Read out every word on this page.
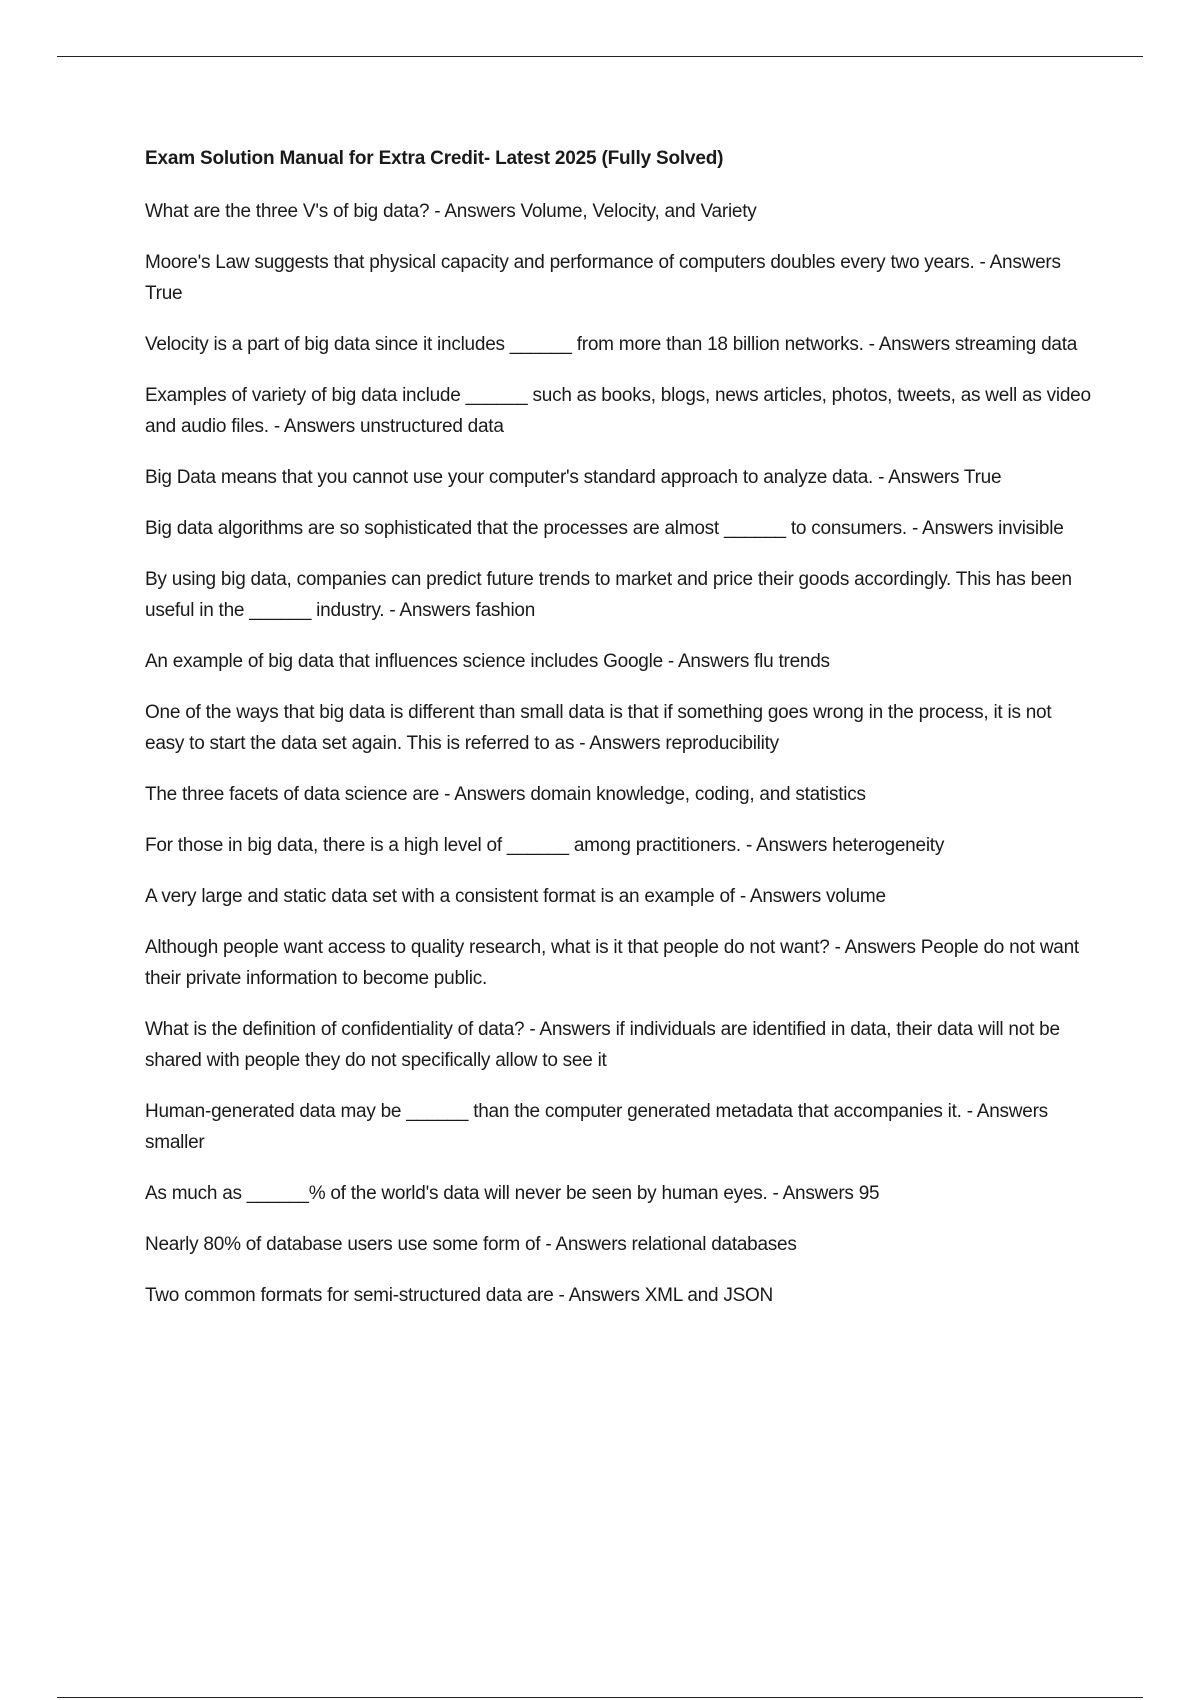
Exam Solution Manual for Extra Credit- Latest 2025 (Fully Solved)
What are the three V's of big data? - Answers Volume, Velocity, and Variety
Moore's Law suggests that physical capacity and performance of computers doubles every two years. - Answers True
Velocity is a part of big data since it includes ______ from more than 18 billion networks. - Answers streaming data
Examples of variety of big data include ______ such as books, blogs, news articles, photos, tweets, as well as video and audio files. - Answers unstructured data
Big Data means that you cannot use your computer's standard approach to analyze data. - Answers True
Big data algorithms are so sophisticated that the processes are almost ______ to consumers. - Answers invisible
By using big data, companies can predict future trends to market and price their goods accordingly. This has been useful in the ______ industry. - Answers fashion
An example of big data that influences science includes Google - Answers flu trends
One of the ways that big data is different than small data is that if something goes wrong in the process, it is not easy to start the data set again. This is referred to as - Answers reproducibility
The three facets of data science are - Answers domain knowledge, coding, and statistics
For those in big data, there is a high level of ______ among practitioners. - Answers heterogeneity
A very large and static data set with a consistent format is an example of - Answers volume
Although people want access to quality research, what is it that people do not want? - Answers People do not want their private information to become public.
What is the definition of confidentiality of data? - Answers if individuals are identified in data, their data will not be shared with people they do not specifically allow to see it
Human-generated data may be ______ than the computer generated metadata that accompanies it. - Answers smaller
As much as ______% of the world's data will never be seen by human eyes. - Answers 95
Nearly 80% of database users use some form of - Answers relational databases
Two common formats for semi-structured data are - Answers XML and JSON
